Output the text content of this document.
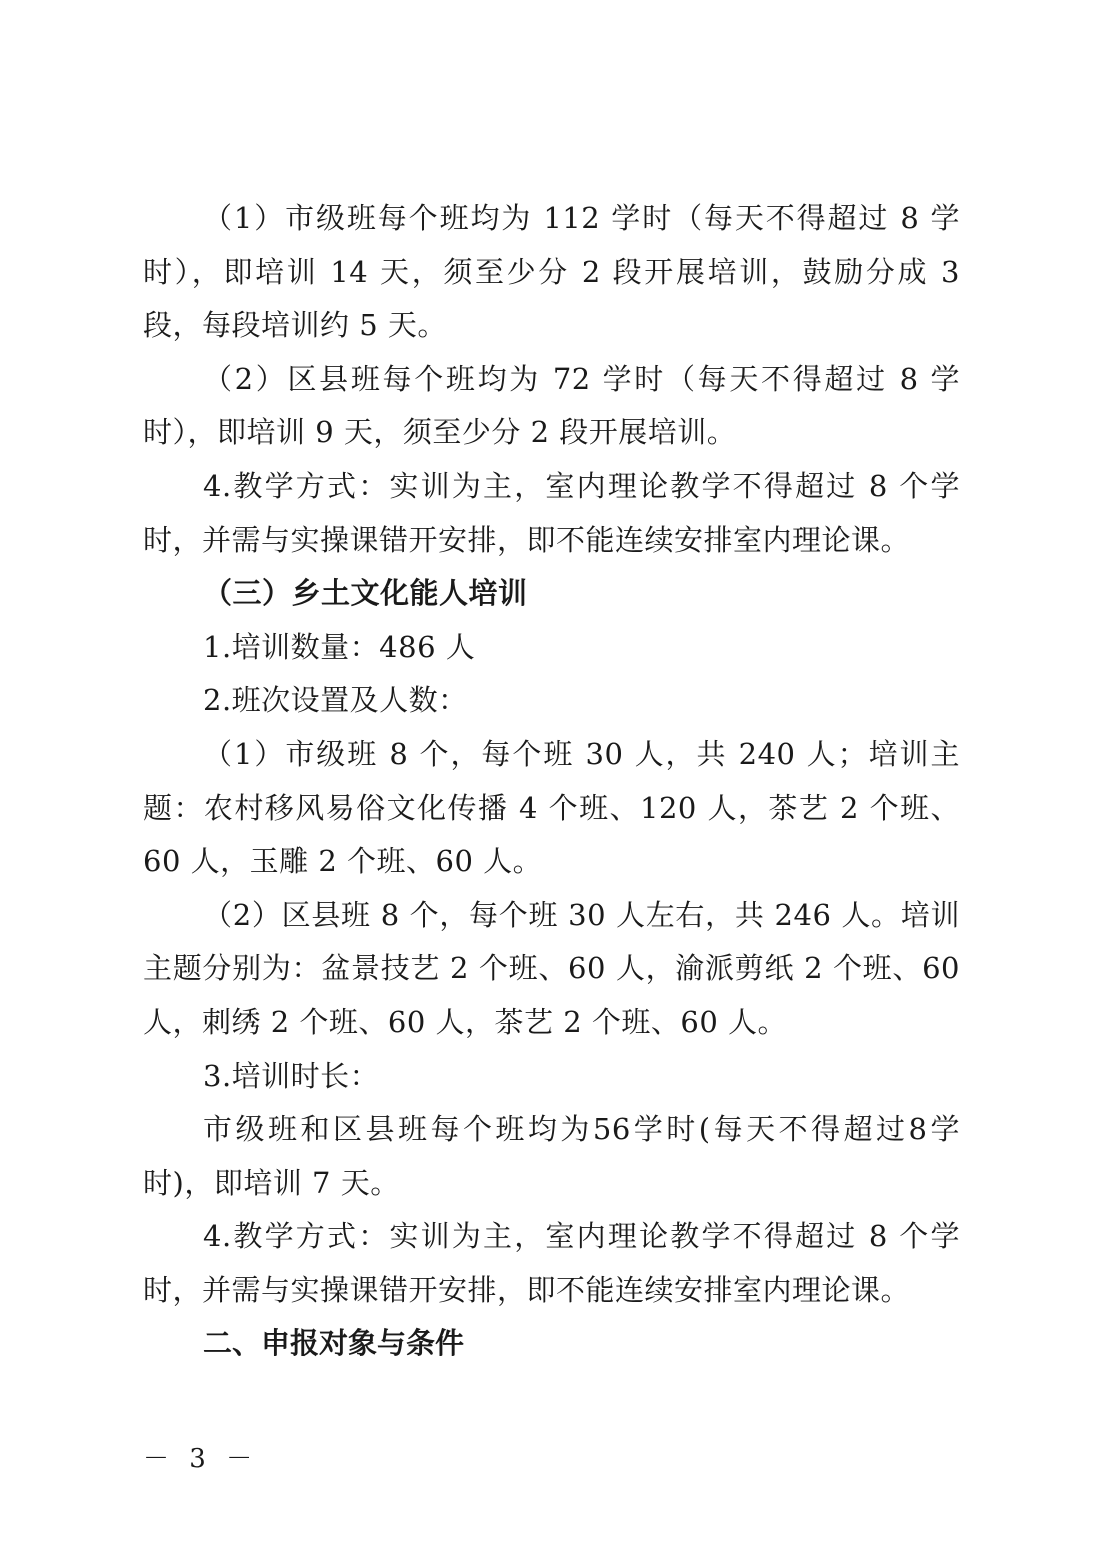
（1）市级班每个班均为 112 学时（每天不得超过 8 学时），即培训 14 天，须至少分 2 段开展培训，鼓励分成 3 段，每段培训约 5 天。

（2）区县班每个班均为 72 学时（每天不得超过 8 学时），即培训 9 天，须至少分 2 段开展培训。

4.教学方式：实训为主，室内理论教学不得超过 8 个学时，并需与实操课错开安排，即不能连续安排室内理论课。

（三）乡土文化能人培训

1.培训数量：486 人

2.班次设置及人数：

（1）市级班 8 个，每个班 30 人，共 240 人；培训主题：农村移风易俗文化传播 4 个班、120 人，茶艺 2 个班、60 人，玉雕 2 个班、60 人。

（2）区县班 8 个，每个班 30 人左右，共 246 人。培训主题分别为：盆景技艺 2 个班、60 人，渝派剪纸 2 个班、60 人，刺绣 2 个班、60 人，茶艺 2 个班、60 人。

3.培训时长：

市级班和区县班每个班均为56学时(每天不得超过8学时)，即培训 7 天。

4.教学方式：实训为主，室内理论教学不得超过 8 个学时，并需与实操课错开安排，即不能连续安排室内理论课。

二、申报对象与条件

－ 3 －
